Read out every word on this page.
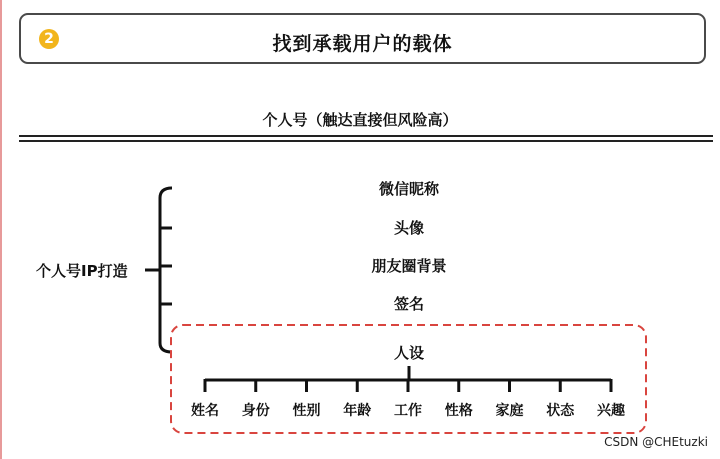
2	找到承载用户的载体
个人号（触达直接但风险高）
个人号IP打造
微信昵称
头像
朋友圈背景
签名
人设
姓名 身份 性别 年龄 工作 性格 家庭 状态 兴趣
CSDN @CHEtuzki
